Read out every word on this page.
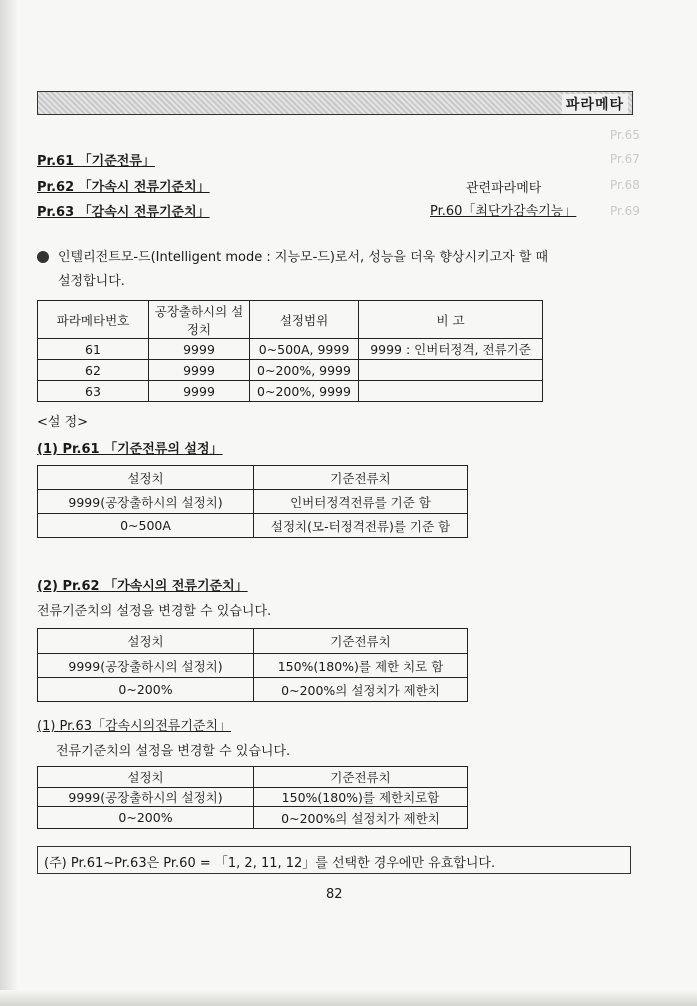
Pr.65
Pr.67
Pr.68
Pr.69
파라메타
Pr.61 「기준전류」
Pr.62 「가속시 전류기준치」
Pr.63 「감속시 전류기준치」
관련파라메타
Pr.60「최단가감속기능」
인텔리전트모-드(Intelligent mode : 지능모-드)로서, 성능을 더욱 향상시키고자 할 때
설정합니다.
파라메타번호	공장출하시의 설정치	설정범위	비 고
61	9999	0~500A, 9999	9999 : 인버터정격, 전류기준
62	9999	0~200%, 9999	
63	9999	0~200%, 9999	
<설 정>
(1) Pr.61 「기준전류의 설정」
설정치	기준전류치
9999(공장출하시의 설정치)	인버터정격전류를 기준 함
0~500A	설정치(모-터정격전류)를 기준 함
(2) Pr.62 「가속시의 전류기준치」
전류기준치의 설정을 변경할 수 있습니다.
설정치	기준전류치
9999(공장출하시의 설정치)	150%(180%)를 제한 치로 함
0~200%	0~200%의 설정치가 제한치
(1) Pr.63「감속시의전류기준치」
전류기준치의 설정을 변경할 수 있습니다.
설정치	기준전류치
9999(공장출하시의 설정치)	150%(180%)를 제한치로함
0~200%	0~200%의 설정치가 제한치
(주) Pr.61~Pr.63은 Pr.60 = 「1, 2, 11, 12」를 선택한 경우에만 유효합니다.
82
